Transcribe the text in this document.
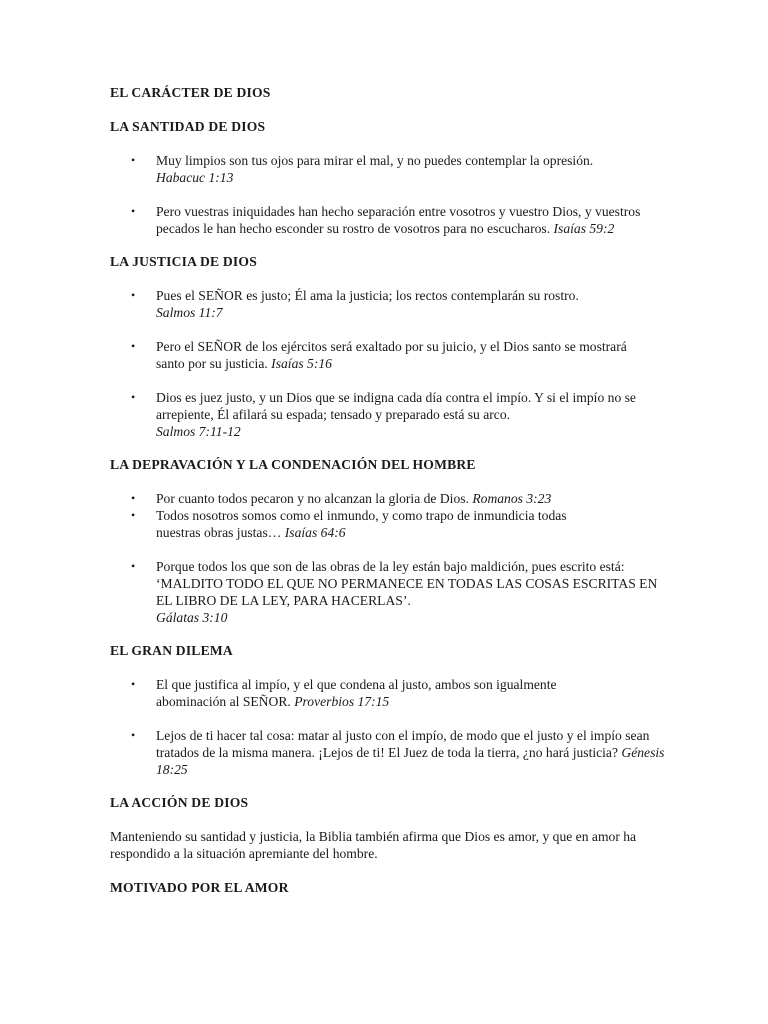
EL CARÁCTER DE DIOS
LA SANTIDAD DE DIOS
• Muy limpios son tus ojos para mirar el mal, y no puedes contemplar la opresión.
Habacuc 1:13
• Pero vuestras iniquidades han hecho separación entre vosotros y vuestro Dios, y vuestros pecados le han hecho esconder su rostro de vosotros para no escucharos. Isaías 59:2
LA JUSTICIA DE DIOS
• Pues el SEÑOR es justo; Él ama la justicia; los rectos contemplarán su rostro. Salmos 11:7
• Pero el SEÑOR de los ejércitos será exaltado por su juicio, y el Dios santo se mostrará santo por su justicia. Isaías 5:16
• Dios es juez justo, y un Dios que se indigna cada día contra el impío. Y si el impío no se arrepiente, Él afilará su espada; tensado y preparado está su arco.
Salmos 7:11-12
LA DEPRAVACIÓN Y LA CONDENACIÓN DEL HOMBRE
• Por cuanto todos pecaron y no alcanzan la gloria de Dios. Romanos 3:23
• Todos nosotros somos como el inmundo, y como trapo de inmundicia todas nuestras obras justas… Isaías 64:6
• Porque todos los que son de las obras de la ley están bajo maldición, pues escrito está: ‘MALDITO TODO EL QUE NO PERMANECE EN TODAS LAS COSAS ESCRITAS EN EL LIBRO DE LA LEY, PARA HACERLAS’.
Gálatas 3:10
EL GRAN DILEMA
• El que justifica al impío, y el que condena al justo, ambos son igualmente abominación al SEÑOR. Proverbios 17:15
• Lejos de ti hacer tal cosa: matar al justo con el impío, de modo que el justo y el impío sean tratados de la misma manera. ¡Lejos de ti! El Juez de toda la tierra, ¿no hará justicia? Génesis 18:25
LA ACCIÓN DE DIOS

Manteniendo su santidad y justicia, la Biblia también afirma que Dios es amor, y que en amor ha respondido a la situación apremiante del hombre.

MOTIVADO POR EL AMOR
